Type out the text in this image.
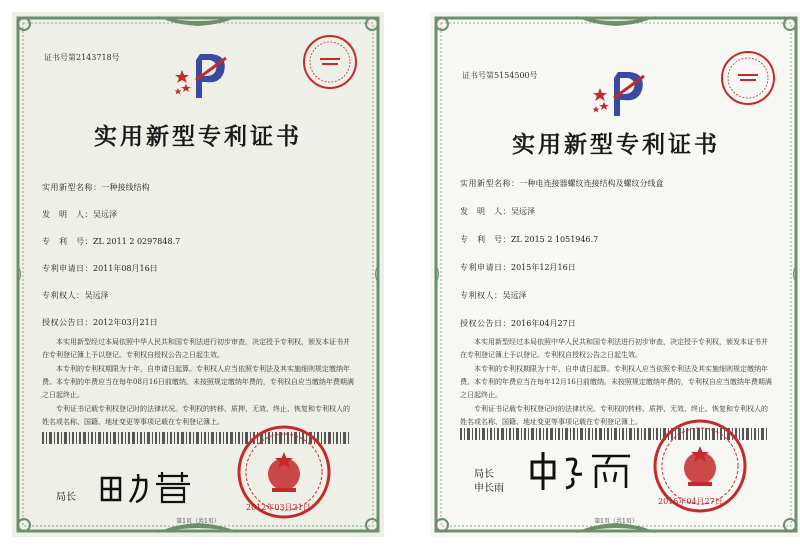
证书号第2143718号
实用新型专利证书
实用新型名称：一种接线结构
发　明　人：吴远泽
专　利　号：ZL 2011 2 0297848.7
专利申请日：2011年08月16日
专利权人：吴远泽
授权公告日：2012年03月21日

本实用新型经过本局依照中华人民共和国专利法进行初步审查，决定授予专利权，颁发本证书并在专利登记簿上予以登记。专利权自授权公告之日起生效。

本专利的专利权期限为十年，自申请日起算。专利权人应当依照专利法及其实施细则规定缴纳年费。本专利的年费应当在每年08月16日前缴纳。未按照规定缴纳年费的，专利权自应当缴纳年费期满之日起终止。

专利证书记载专利权登记时的法律状况。专利权的转移、质押、无效、终止、恢复和专利权人的姓名或名称、国籍、地址变更等事项记载在专利登记簿上。

局长
2012年03月21日
第1页（共1页）
证书号第5154500号
实用新型专利证书
实用新型名称：一种电连接器螺纹连接结构及螺纹分线盒
发　明　人：吴远泽
专　利　号：ZL 2015 2 1051946.7
专利申请日：2015年12月16日
专利权人：吴远泽
授权公告日：2016年04月27日

本实用新型经过本局依照中华人民共和国专利法进行初步审查，决定授予专利权，颁发本证书并在专利登记簿上予以登记。专利权自授权公告之日起生效。

本专利的专利权期限为十年，自申请日起算。专利权人应当依照专利法及其实施细则规定缴纳年费。本专利的年费应当在每年12月16日前缴纳。未按照规定缴纳年费的，专利权自应当缴纳年费期满之日起终止。

专利证书记载专利权登记时的法律状况。专利权的转移、质押、无效、终止、恢复和专利权人的姓名或名称、国籍、地址变更等事项记载在专利登记簿上。

局长
申长雨
2016年04月27日
第1页（共1页）
